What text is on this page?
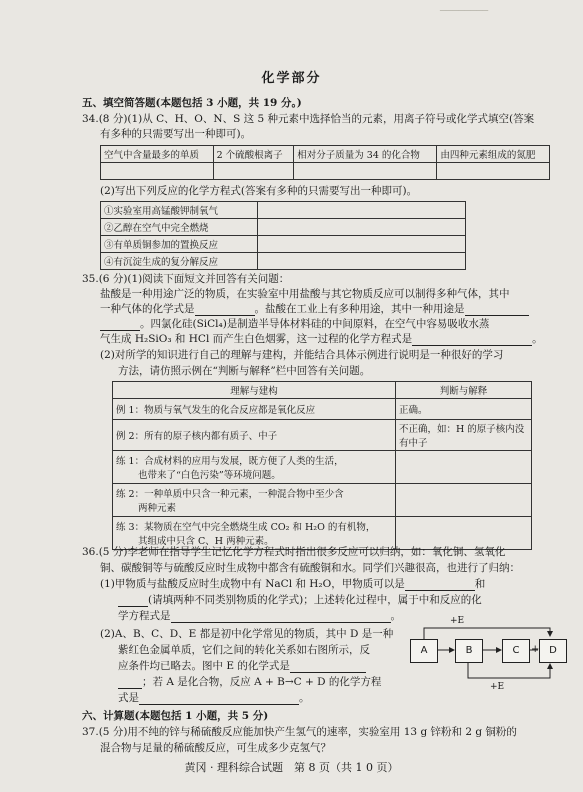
────────
化学部分
五、填空简答题(本题包括 3 小题，共 19 分。)
34.(8 分)(1)从 C、H、O、N、S 这 5 种元素中选择恰当的元素，用离子符号或化学式填空(答案
有多种的只需要写出一种即可)。
空气中含量最多的单质	2 个硫酸根离子	相对分子质量为 34 的化合物	由四种元素组成的氮肥

(2)写出下列反应的化学方程式(答案有多种的只需要写出一种即可)。
①实验室用高锰酸钾制氧气	
②乙醇在空气中完全燃烧	
③有单质铜参加的置换反应	
④有沉淀生成的复分解反应	
35.(6 分)(1)阅读下面短文并回答有关问题：
盐酸是一种用途广泛的物质，在实验室中用盐酸与其它物质反应可以制得多种气体，其中
一种气体的化学式是	。盐酸在工业上有多种用途，其中一种用途是
。四氯化硅(SiCl₄)是制造半导体材料硅的中间原料，在空气中容易吸收水蒸
气生成 H₂SiO₃ 和 HCl 而产生白色烟雾，这一过程的化学方程式是	。
(2)对所学的知识进行自己的理解与建构，并能结合具体示例进行说明是一种很好的学习
方法，请仿照示例在“判断与解释”栏中回答有关问题。
理解与建构	判断与解释
例 1：物质与氧气发生的化合反应都是氧化反应	正确。
例 2：所有的原子核内都有质子、中子	不正确，如：H 的原子核内没有中子

练 1：合成材料的应用与发展，既方便了人类的生活，
也带来了“白色污染”等环境问题。	

练 2：一种单质中只含一种元素，一种混合物中至少含
两种元素	

练 3：某物质在空气中完全燃烧生成 CO₂ 和 H₂O 的有机物，
其组成中只含 C、H 两种元素。	

36.(5 分)李老师在指导学生记忆化学方程式时指出很多反应可以归纳，如：氧化铜、氢氧化
铜、碳酸铜等与硫酸反应时生成物中都含有硫酸铜和水。同学们兴趣很高，也进行了归纳：
(1)甲物质与盐酸反应时生成物中有 NaCl 和 H₂O，甲物质可以是	和
(请填两种不同类别物质的化学式)；上述转化过程中，属于中和反应的化
学方程式是	。
(2)A、B、C、D、E 都是初中化学常见的物质，其中 D 是一种
紫红色金属单质，它们之间的转化关系如右图所示，反
应条件均已略去。图中 E 的化学式是
；若 A 是化合物，反应 A + B→C + D 的化学方程
式是	。
+E
+E
A	B	C	+ D
六、计算题(本题包括 1 小题，共 5 分)
37.(5 分)用不纯的锌与稀硫酸反应能加快产生氢气的速率，实验室用 13 g 锌粉和 2 g 铜粉的
混合物与足量的稀硫酸反应，可生成多少克氢气？
黄冈 · 理科综合试题　第 8 页（共 1 0 页）
